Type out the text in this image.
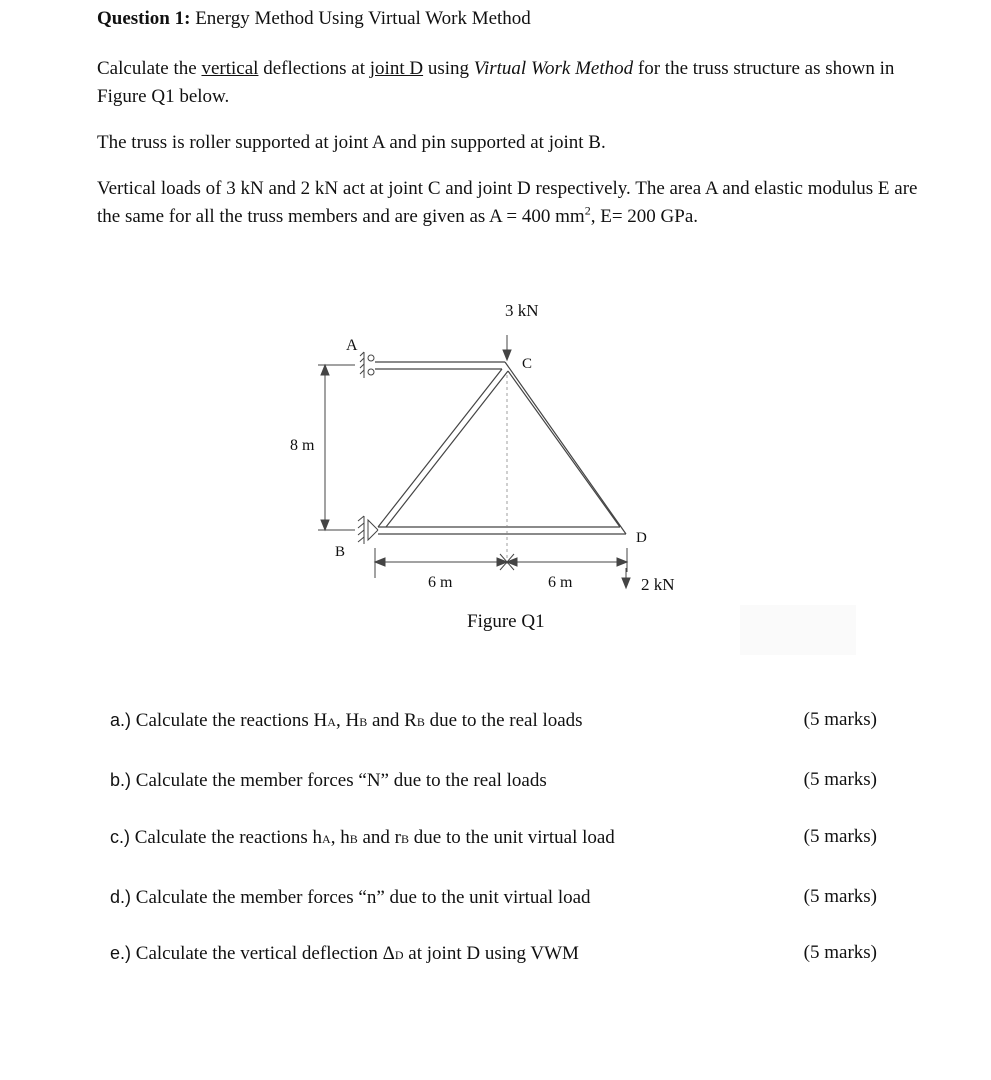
Question 1: Energy Method Using Virtual Work Method

Calculate the vertical deflections at joint D using Virtual Work Method for the truss structure as shown in Figure Q1 below.

The truss is roller supported at joint A and pin supported at joint B.

Vertical loads of 3 kN and 2 kN act at joint C and joint D respectively. The area A and elastic modulus E are the same for all the truss members and are given as A = 400 $mm^2$, E= 200 GPa.

8 m
6 m	6 m
3 kN
2 kN
A
B
C
D
Figure Q1
a.) Calculate the reactions HA, HB and RB due to the real loads	(5 marks)
b.) Calculate the member forces “N” due to the real loads	(5 marks)
c.) Calculate the reactions hA, hB and rB due to the unit virtual load	(5 marks)
d.) Calculate the member forces “n” due to the unit virtual load	(5 marks)
e.) Calculate the vertical deflection ΔD at joint D using VWM	(5 marks)
